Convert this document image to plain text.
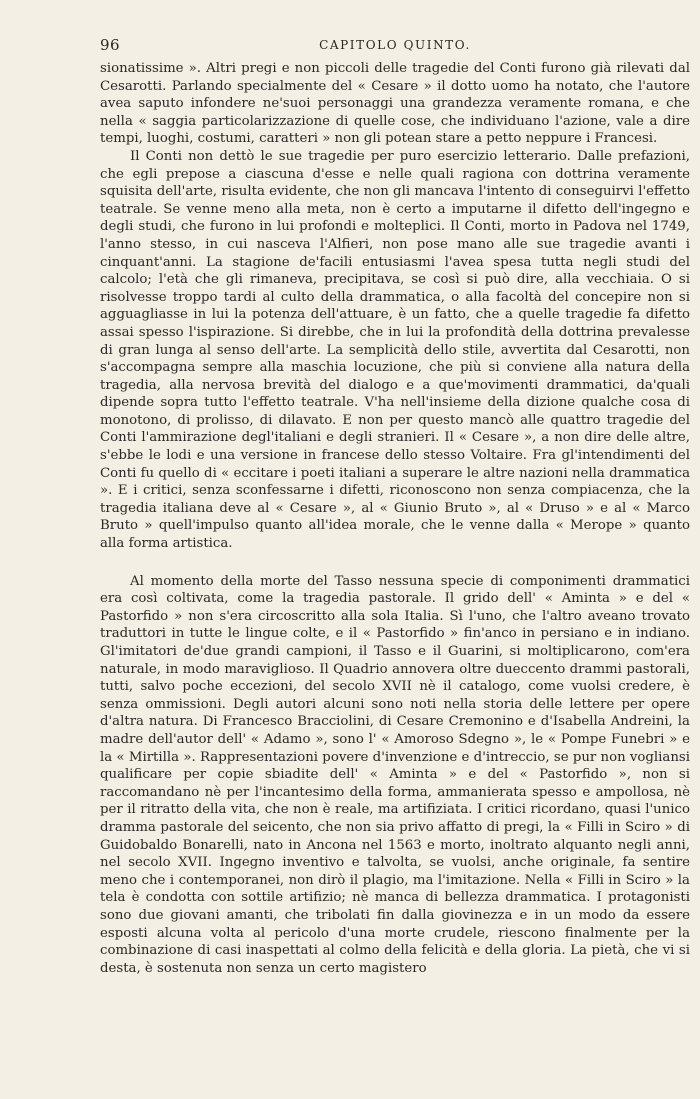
96	CAPITOLO QUINTO.

sionatissime ». Altri pregi e non piccoli delle tragedie del Conti furono già rilevati dal Cesarotti. Parlando specialmente del « Cesare » il dotto uomo ha notato, che l'autore avea saputo infondere ne'suoi personaggi una grandezza veramente romana, e che nella « saggia particolarizzazione di quelle cose, che individuano l'azione, vale a dire tempi, luoghi, costumi, caratteri » non gli potean stare a petto neppure i Francesi.

Il Conti non dettò le sue tragedie per puro esercizio letterario. Dalle prefazioni, che egli prepose a ciascuna d'esse e nelle quali ragiona con dottrina veramente squisita dell'arte, risulta evidente, che non gli mancava l'intento di conseguirvi l'effetto teatrale. Se venne meno alla meta, non è certo a imputarne il difetto dell'ingegno e degli studi, che furono in lui profondi e molteplici. Il Conti, morto in Padova nel 1749, l'anno stesso, in cui nasceva l'Alfieri, non pose mano alle sue tragedie avanti i cinquant'anni. La stagione de'facili entusiasmi l'avea spesa tutta negli studi del calcolo; l'età che gli rimaneva, precipitava, se così si può dire, alla vecchiaia. O si risolvesse troppo tardi al culto della drammatica, o alla facoltà del concepire non si agguagliasse in lui la potenza dell'attuare, è un fatto, che a quelle tragedie fa difetto assai spesso l'ispirazione. Si direbbe, che in lui la profondità della dottrina prevalesse di gran lunga al senso dell'arte. La semplicità dello stile, avvertita dal Cesarotti, non s'accompagna sempre alla maschia locuzione, che più si conviene alla natura della tragedia, alla nervosa brevità del dialogo e a que'movimenti drammatici, da'quali dipende sopra tutto l'effetto teatrale. V'ha nell'insieme della dizione qualche cosa di monotono, di prolisso, di dilavato. E non per questo mancò alle quattro tragedie del Conti l'ammirazione degl'italiani e degli stranieri. Il « Cesare », a non dire delle altre, s'ebbe le lodi e una versione in francese dello stesso Voltaire. Fra gl'intendimenti del Conti fu quello di « eccitare i poeti italiani a superare le altre nazioni nella drammatica ». E i critici, senza sconfessarne i difetti, riconoscono non senza compiacenza, che la tragedia italiana deve al « Cesare », al « Giunio Bruto », al « Druso » e al « Marco Bruto » quell'impulso quanto all'idea morale, che le venne dalla « Merope » quanto alla forma artistica.

Al momento della morte del Tasso nessuna specie di componimenti drammatici era così coltivata, come la tragedia pastorale. Il grido dell' « Aminta » e del « Pastorfido » non s'era circoscritto alla sola Italia. Sì l'uno, che l'altro aveano trovato traduttori in tutte le lingue colte, e il « Pastorfido » fin'anco in persiano e in indiano. Gl'imitatori de'due grandi campioni, il Tasso e il Guarini, si moltiplicarono, com'era naturale, in modo maraviglioso. Il Quadrio annovera oltre dueccento drammi pastorali, tutti, salvo poche eccezioni, del secolo XVII nè il catalogo, come vuolsi credere, è senza ommissioni. Degli autori alcuni sono noti nella storia delle lettere per opere d'altra natura. Di Francesco Bracciolini, di Cesare Cremonino e d'Isabella Andreini, la madre dell'autor dell' « Adamo », sono l' « Amoroso Sdegno », le « Pompe Funebri » e la « Mirtilla ». Rappresentazioni povere d'invenzione e d'intreccio, se pur non vogliansi qualificare per copie sbiadite dell' « Aminta » e del « Pastorfido », non si raccomandano nè per l'incantesimo della forma, ammanierata spesso e ampollosa, nè per il ritratto della vita, che non è reale, ma artifiziata. I critici ricordano, quasi l'unico dramma pastorale del seicento, che non sia privo affatto di pregi, la « Filli in Sciro » di Guidobaldo Bonarelli, nato in Ancona nel 1563 e morto, inoltrato alquanto negli anni, nel secolo XVII. Ingegno inventivo e talvolta, se vuolsi, anche originale, fa sentire meno che i contemporanei, non dirò il plagio, ma l'imitazione. Nella « Filli in Sciro » la tela è condotta con sottile artifizio; nè manca di bellezza drammatica. I protagonisti sono due giovani amanti, che tribolati fin dalla giovinezza e in un modo da essere esposti alcuna volta al pericolo d'una morte crudele, riescono finalmente per la combinazione di casi inaspettati al colmo della felicità e della gloria. La pietà, che vi si desta, è sostenuta non senza un certo magistero
